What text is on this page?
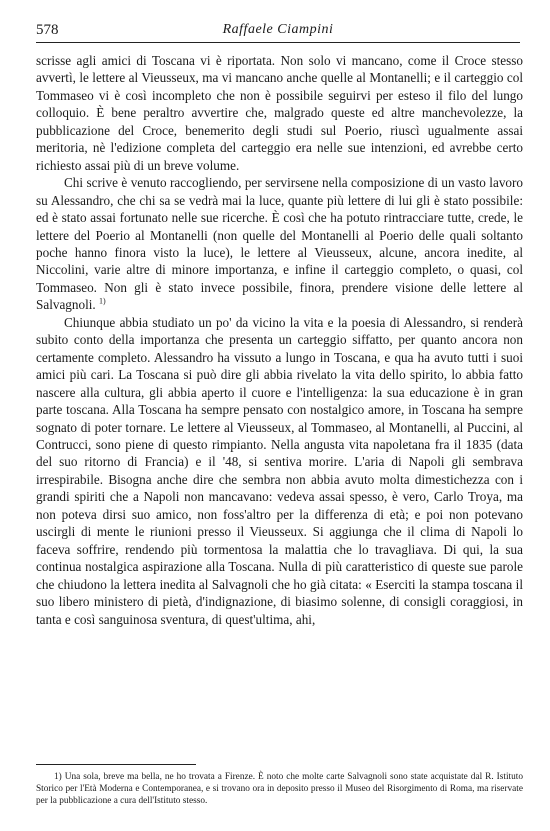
578	Raffaele Ciampini

scrisse agli amici di Toscana vi è riportata. Non solo vi mancano, come il Croce stesso avvertì, le lettere al Vieusseux, ma vi mancano anche quelle al Montanelli; e il carteggio col Tommaseo vi è così incompleto che non è possibile seguirvi per esteso il filo del lungo colloquio. È bene peraltro avvertire che, malgrado queste ed altre manchevolezze, la pubblicazione del Croce, benemerito degli studi sul Poerio, riuscì ugualmente assai meritoria, nè l'edizione completa del carteggio era nelle sue intenzioni, ed avrebbe certo richiesto assai più di un breve volume.

Chi scrive è venuto raccogliendo, per servirsene nella composizione di un vasto lavoro su Alessandro, che chi sa se vedrà mai la luce, quante più lettere di lui gli è stato possibile: ed è stato assai fortunato nelle sue ricerche. È così che ha potuto rintracciare tutte, crede, le lettere del Poerio al Montanelli (non quelle del Montanelli al Poerio delle quali soltanto poche hanno finora visto la luce), le lettere al Vieusseux, alcune, ancora inedite, al Niccolini, varie altre di minore importanza, e infine il carteggio completo, o quasi, col Tommaseo. Non gli è stato invece possibile, finora, prendere visione delle lettere al Salvagnoli. $^{1)}$

Chiunque abbia studiato un po' da vicino la vita e la poesia di Alessandro, si renderà subito conto della importanza che presenta un carteggio siffatto, per quanto ancora non certamente completo. Alessandro ha vissuto a lungo in Toscana, e qua ha avuto tutti i suoi amici più cari. La Toscana si può dire gli abbia rivelato la vita dello spirito, lo abbia fatto nascere alla cultura, gli abbia aperto il cuore e l'intelligenza: la sua educazione è in gran parte toscana. Alla Toscana ha sempre pensato con nostalgico amore, in Toscana ha sempre sognato di poter tornare. Le lettere al Vieusseux, al Tommaseo, al Montanelli, al Puccini, al Contrucci, sono piene di questo rimpianto. Nella angusta vita napoletana fra il 1835 (data del suo ritorno di Francia) e il '48, si sentiva morire. L'aria di Napoli gli sembrava irrespirabile. Bisogna anche dire che sembra non abbia avuto molta dimestichezza con i grandi spiriti che a Napoli non mancavano: vedeva assai spesso, è vero, Carlo Troya, ma non poteva dirsi suo amico, non foss'altro per la differenza di età; e poi non potevano uscirgli di mente le riunioni presso il Vieusseux. Si aggiunga che il clima di Napoli lo faceva soffrire, rendendo più tormentosa la malattia che lo travagliava. Di qui, la sua continua nostalgica aspirazione alla Toscana. Nulla di più caratteristico di queste sue parole che chiudono la lettera inedita al Salvagnoli che ho già citata: « Eserciti la stampa toscana il suo libero ministero di pietà, d'indignazione, di biasimo solenne, di consigli coraggiosi, in tanta e così sanguinosa sventura, di quest'ultima, ahi,

1) Una sola, breve ma bella, ne ho trovata a Firenze. È noto che molte carte Salvagnoli sono state acquistate dal R. Istituto Storico per l'Età Moderna e Contemporanea, e si trovano ora in deposito presso il Museo del Risorgimento di Roma, ma riservate per la pubblicazione a cura dell'Istituto stesso.
